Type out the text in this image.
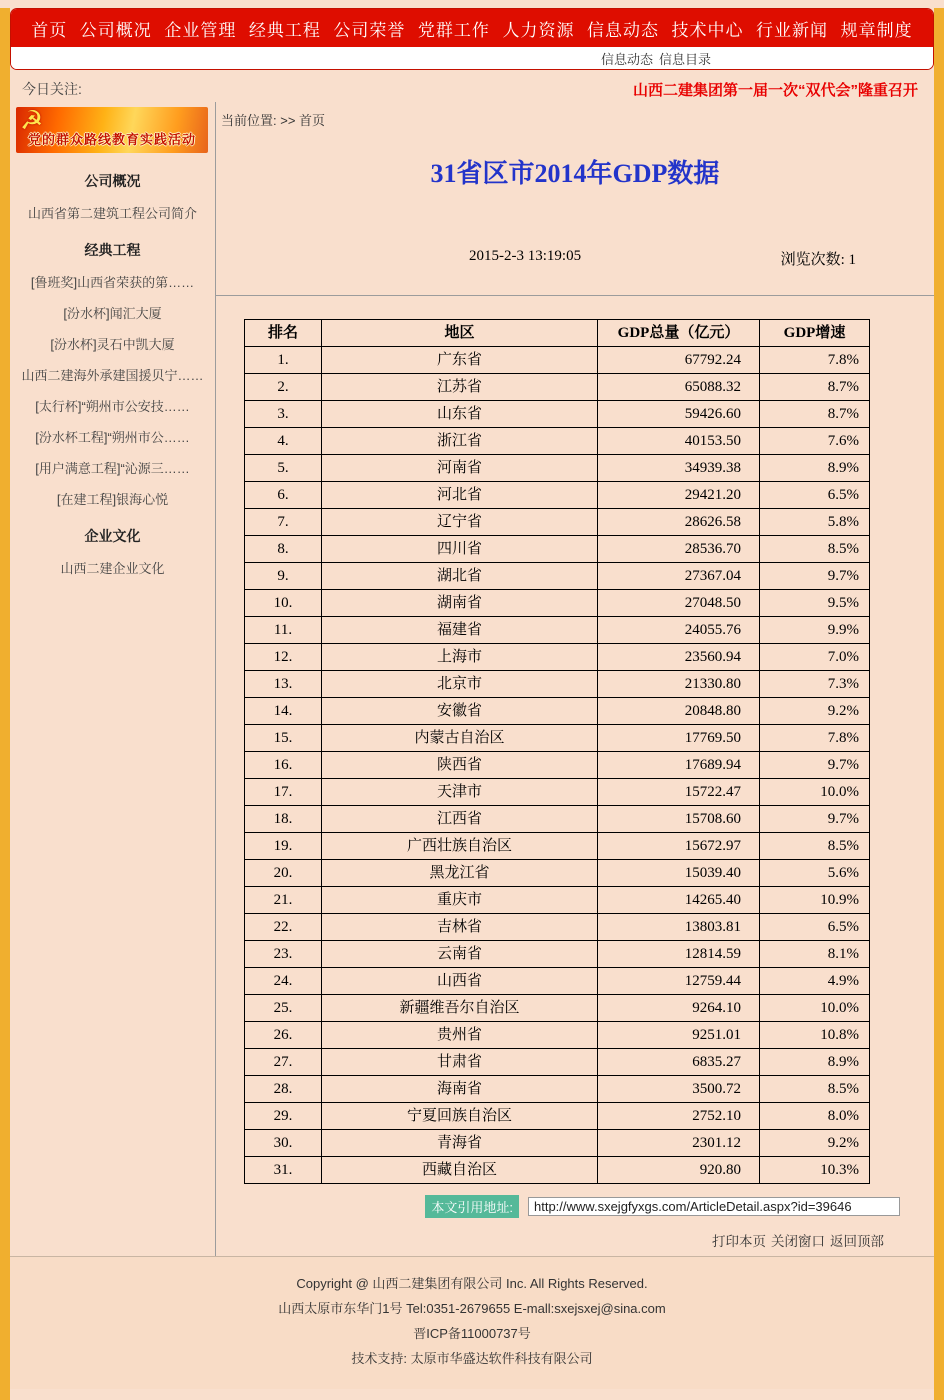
首页 公司概况 企业管理 经典工程 公司荣誉 党群工作 人力资源 信息动态 技术中心 行业新闻 规章制度
信息动态 信息目录
今日关注:	山西二建集团第一届一次“双代会”隆重召开
☭
党的群众路线教育实践活动
公司概况
山西省第二建筑工程公司简介
经典工程
[鲁班奖]山西省荣获的第……
[汾水杯]闻汇大厦
[汾水杯]灵石中凯大厦
山西二建海外承建国援贝宁……
[太行杯]“朔州市公安技……
[汾水杯工程]“朔州市公……
[用户满意工程]“沁源三……
[在建工程]银海心悦
企业文化
山西二建企业文化
当前位置: >> 首页
31省区市2014年GDP数据
2015-2-3 13:19:05	浏览次数: 1
排名	地区	GDP总量（亿元）	GDP增速
1.	广东省	67792.24	7.8%
2.	江苏省	65088.32	8.7%
3.	山东省	59426.60	8.7%
4.	浙江省	40153.50	7.6%
5.	河南省	34939.38	8.9%
6.	河北省	29421.20	6.5%
7.	辽宁省	28626.58	5.8%
8.	四川省	28536.70	8.5%
9.	湖北省	27367.04	9.7%
10.	湖南省	27048.50	9.5%
11.	福建省	24055.76	9.9%
12.	上海市	23560.94	7.0%
13.	北京市	21330.80	7.3%
14.	安徽省	20848.80	9.2%
15.	内蒙古自治区	17769.50	7.8%
16.	陕西省	17689.94	9.7%
17.	天津市	15722.47	10.0%
18.	江西省	15708.60	9.7%
19.	广西壮族自治区	15672.97	8.5%
20.	黑龙江省	15039.40	5.6%
21.	重庆市	14265.40	10.9%
22.	吉林省	13803.81	6.5%
23.	云南省	12814.59	8.1%
24.	山西省	12759.44	4.9%
25.	新疆维吾尔自治区	9264.10	10.0%
26.	贵州省	9251.01	10.8%
27.	甘肃省	6835.27	8.9%
28.	海南省	3500.72	8.5%
29.	宁夏回族自治区	2752.10	8.0%
30.	青海省	2301.12	9.2%
31.	西藏自治区	920.80	10.3%
本文引用地址:
http://www.sxejgfyxgs.com/ArticleDetail.aspx?id=39646
打印本页 关闭窗口 返回顶部
Copyright @ 山西二建集团有限公司 Inc. All Rights Reserved.
山西太原市东华门1号 Tel:0351-2679655 E-mall:sxejsxej@sina.com
晋ICP备11000737号
技术支持: 太原市华盛达软件科技有限公司
